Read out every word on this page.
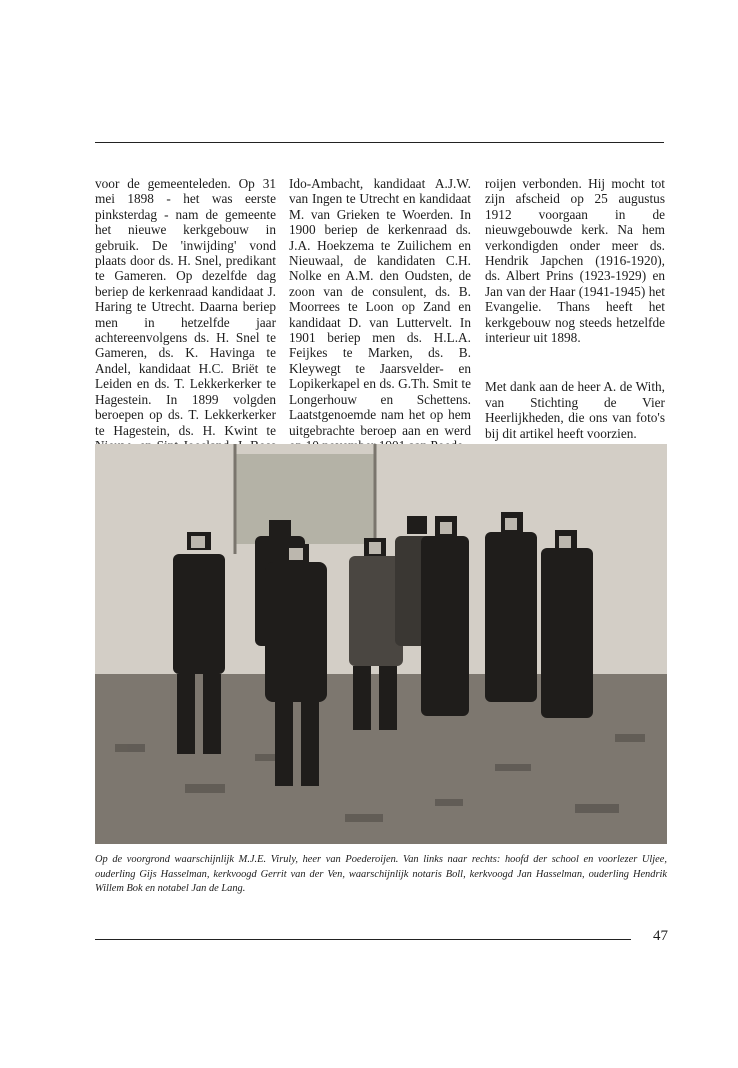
voor de gemeenteleden. Op 31 mei 1898 - het was eerste pinksterdag - nam de gemeente het nieuwe kerkgebouw in gebruik. De 'inwijding' vond plaats door ds. H. Snel, predikant te Gameren. Op dezelfde dag beriep de kerkenraad kandidaat J. Haring te Utrecht. Daarna beriep men in hetzelfde jaar achtereenvolgens ds. H. Snel te Gameren, ds. K. Havinga te Andel, kandidaat H.C. Briët te Leiden en ds. T. Lekkerkerker te Hagestein. In 1899 volgden beroepen op ds. T. Lekkerkerker te Hagestein, ds. H. Kwint te

Ido-Ambacht, kandidaat A.J.W. van Ingen te Utrecht en kandidaat M. van Grieken te Woerden. In 1900 beriep de kerkenraad ds. J.A. Hoekzema te Zuilichem en Nieuwaal, de kandidaten C.H. Nolke en A.M. den Oudsten, de zoon van de consulent, ds. B. Moorrees te Loon op Zand en kandidaat D. van Luttervelt. In 1901 beriep men ds. H.L.A. Feijkes te Marken, ds. B. Kleywegt te Jaarsvelder- en Lopikerkapel en ds. G.Th. Smit te Longerhouw en Schettens. Laatstgenoemde nam het op hem uitgebrachte beroep aan en werd

roijen verbonden. Hij mocht tot zijn afscheid op 25 augustus 1912 voorgaan in de nieuwgebouwde kerk. Na hem verkondigden onder meer ds. Hendrik Japchen (1916-1920), ds. Albert Prins (1923-1929) en Jan van der Haar (1941-1945) het Evangelie. Thans heeft het kerkgebouw nog steeds hetzelfde interieur uit 1898.

Met dank aan de heer A. de With, van Stichting de Vier Heerlijkheden, die ons van foto's bij dit artikel heeft voorzien.

Op de voorgrond waarschijnlijk M.J.E. Viruly, heer van Poederoijen. Van links naar rechts: hoofd der school en voorlezer Uljee, ouderling Gijs Hasselman, kerkvoogd Gerrit van der Ven, waarschijnlijk notaris Boll, kerkvoogd Jan Hasselman, ouderling Hendrik Willem Bok en notabel Jan de Lang.
47
